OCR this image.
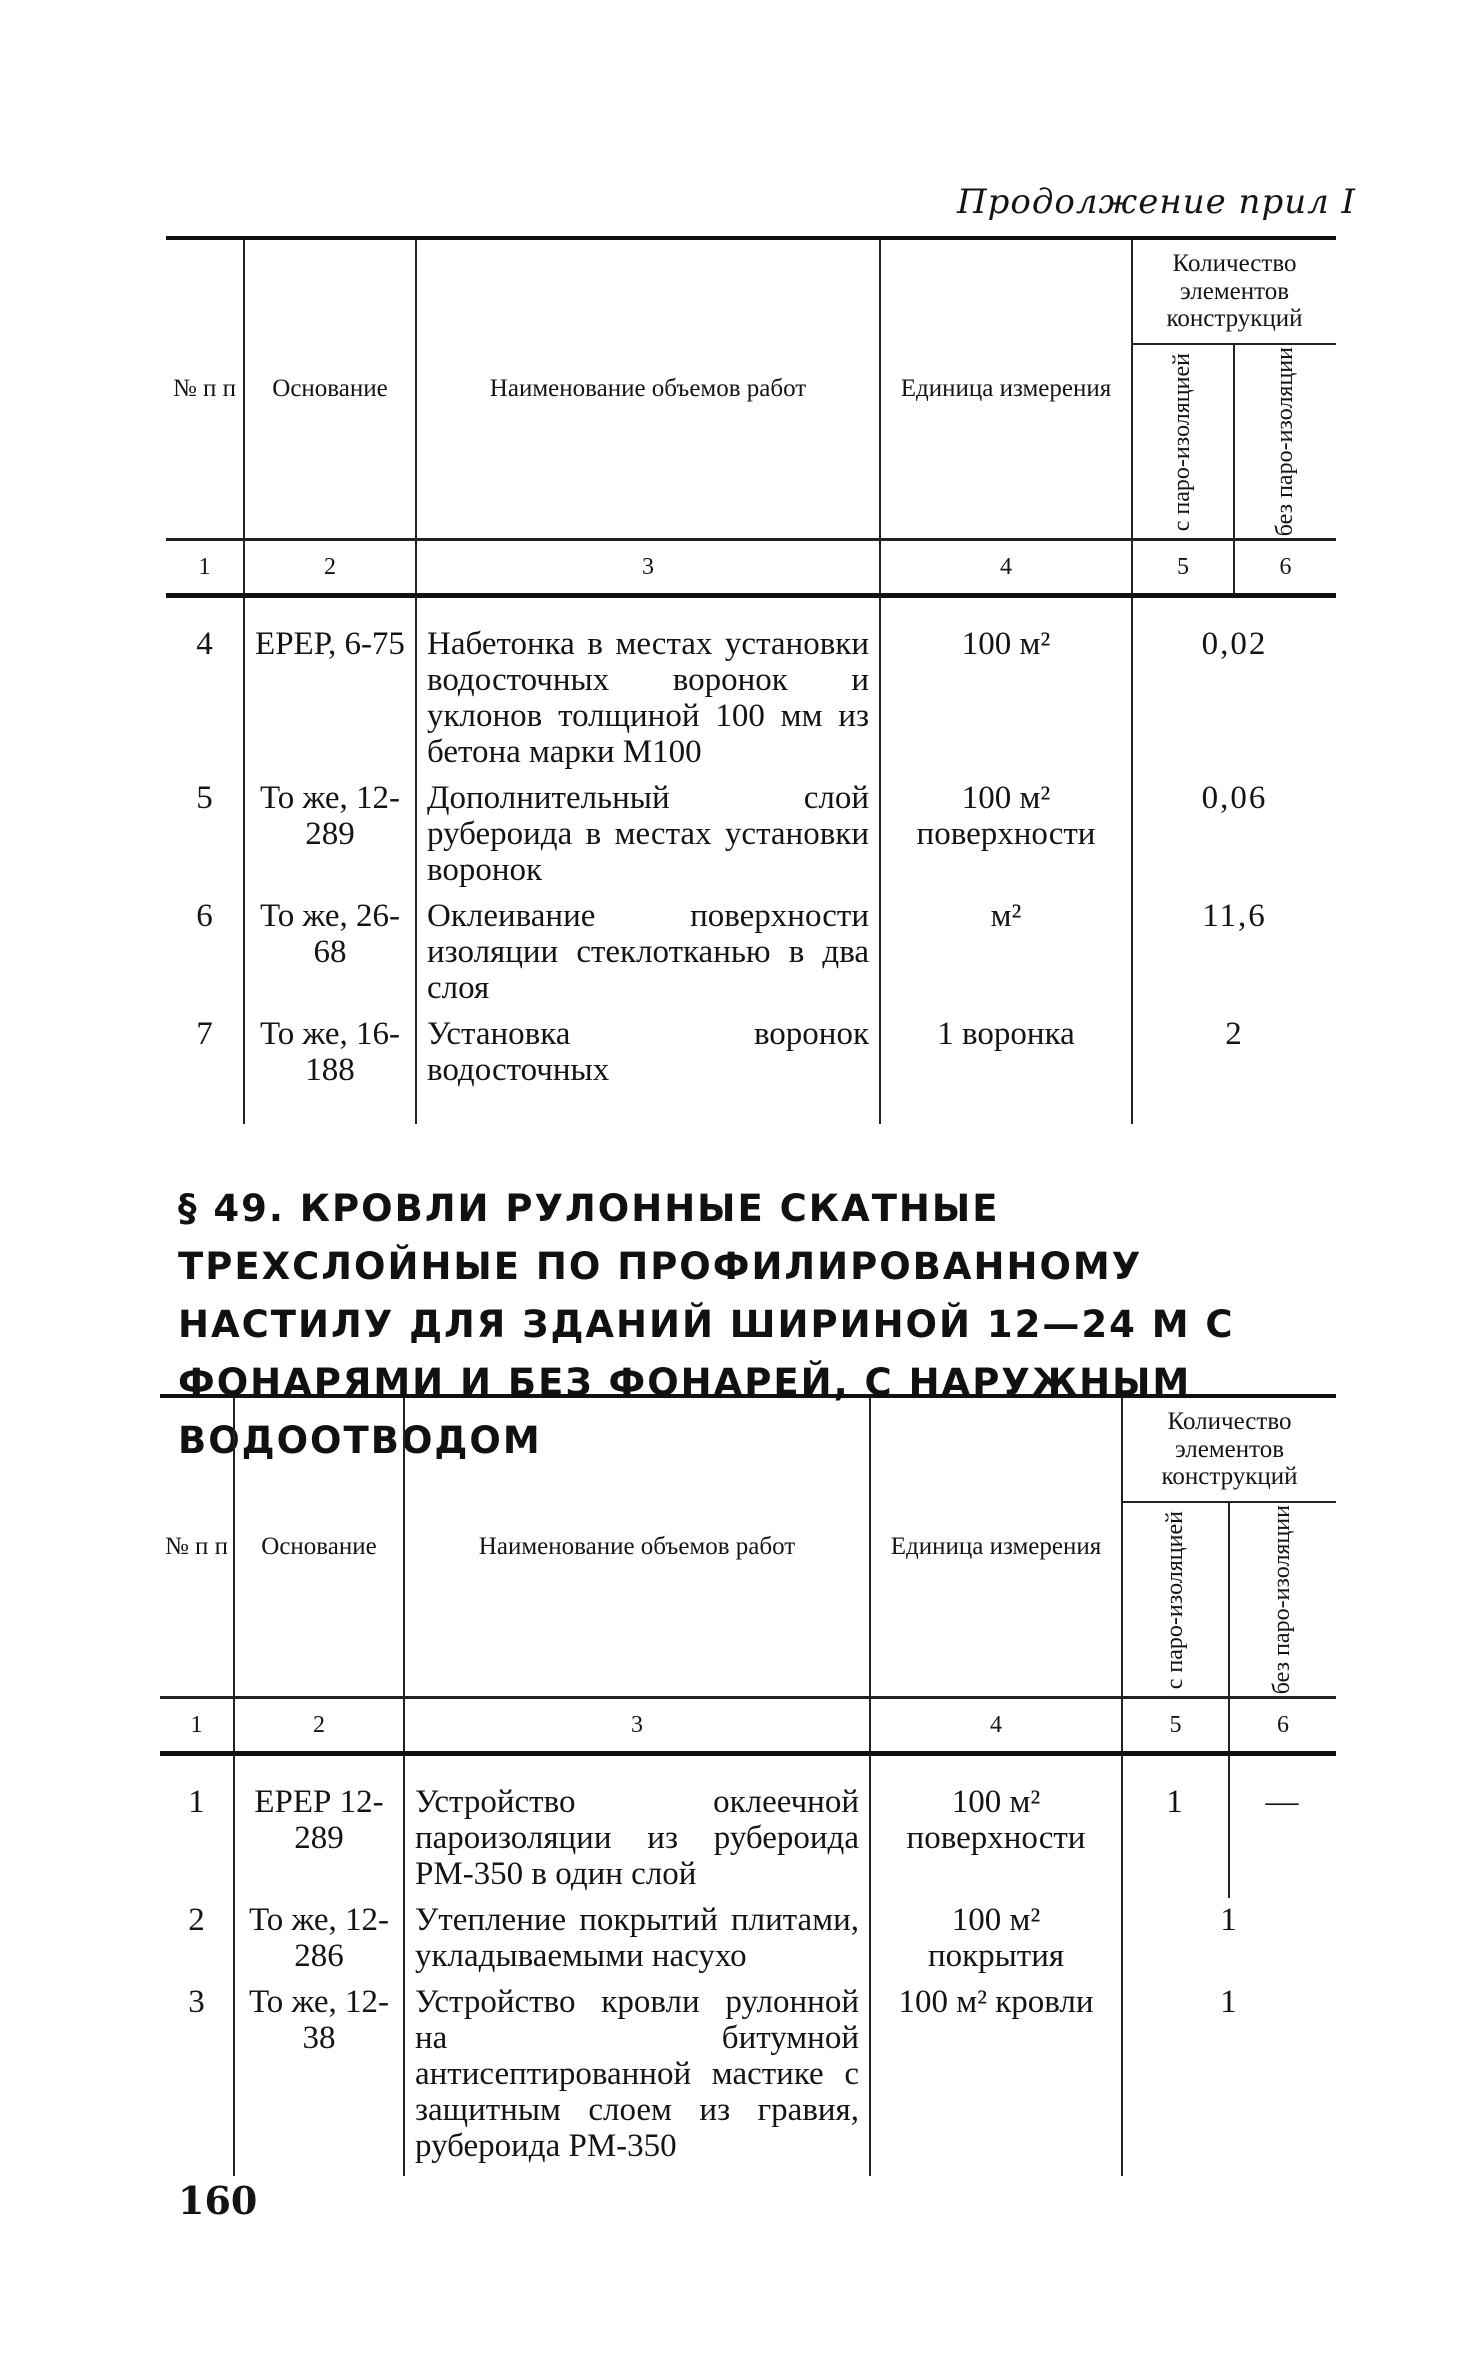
Продолжение прил I
№ п п	Основание	Наименование объемов работ	Единица измерения	Количество элементов конструкций	

				с паро-изоляцией	без паро-изоляции

1	2	3	4	5	6
4	ЕРЕР, 6-75	Набетонка в местах установки водосточных воронок и уклонов толщиной 100 мм из бетона марки М100	100 м²	0,02	
5	То же, 12-289	Дополнительный слой рубероида в местах установки воронок	100 м² поверхности	0,06	
6	То же, 26-68	Оклеивание поверхности изоляции стеклотканью в два слоя	м²	11,6	
7	То же, 16-188	Установка воронок водосточных	1 воронка	2	
§ 49. КРОВЛИ РУЛОННЫЕ СКАТНЫЕ ТРЕХСЛОЙНЫЕ ПО ПРОФИЛИРОВАННОМУ НАСТИЛУ ДЛЯ ЗДАНИЙ ШИРИНОЙ 12—24 М С ФОНАРЯМИ И БЕЗ ФОНАРЕЙ, С НАРУЖНЫМ ВОДООТВОДОМ
№ п п	Основание	Наименование объемов работ	Единица измерения	Количество элементов конструкций	

				с паро-изоляцией	без паро-изоляции

1	2	3	4	5	6
1	ЕРЕР 12-289	Устройство оклеечной пароизоляции из рубероида РМ-350 в один слой	100 м² поверхности	1	—
2	То же, 12-286	Утепление покрытий плитами, укладываемыми насухо	100 м² покрытия	1	
3	То же, 12-38	Устройство кровли рулонной на битумной антисептированной мастике с защитным слоем из гравия, рубероида РМ-350	100 м² кровли	1	
160
